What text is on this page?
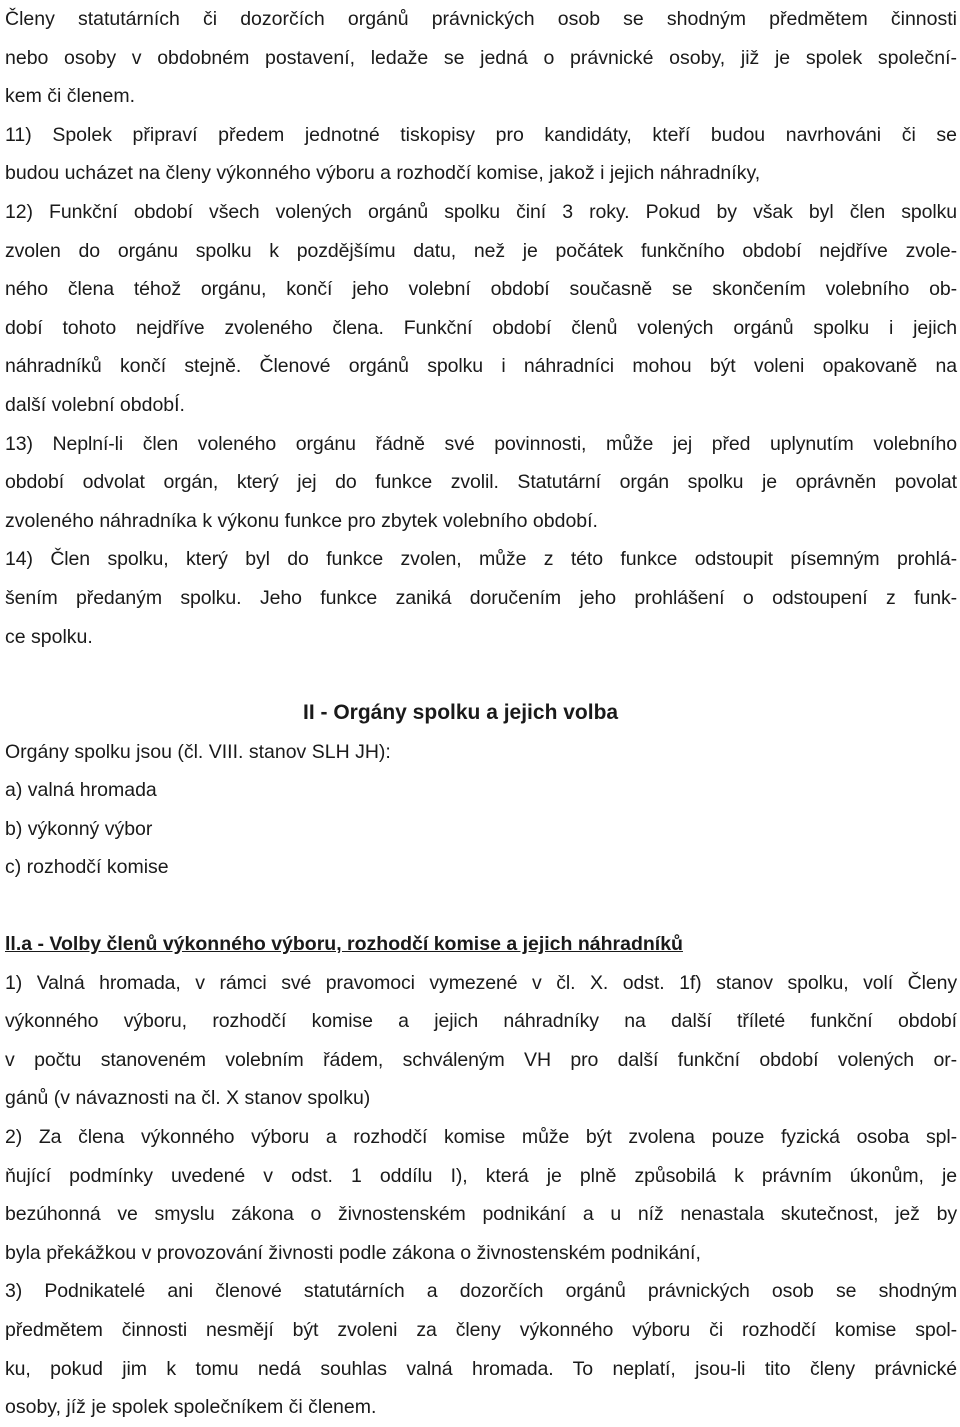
Členy statutárních či dozorčích orgánů právnických osob se shodným předmětem činnosti
nebo osoby v obdobném postavení, ledaže se jedná o právnické osoby, již je spolek společní-
kem či členem.
11) Spolek připraví předem jednotné tiskopisy pro kandidáty, kteří budou navrhováni či se
budou ucházet na členy výkonného výboru a rozhodčí komise, jakož i jejich náhradníky,
12) Funkční období všech volených orgánů spolku činí 3 roky. Pokud by však byl člen spolku
zvolen do orgánu spolku k pozdějšímu datu, než je počátek funkčního období nejdříve zvole-
ného člena téhož orgánu, končí jeho volební období současně se skončením volebního ob-
dobí tohoto nejdříve zvoleného člena. Funkční období členů volených orgánů spolku i jejich
náhradníků končí stejně. Členové orgánů spolku i náhradníci mohou být voleni opakovaně na
další volební obdobÍ.
13) Neplní-li člen voleného orgánu řádně své povinnosti, může jej před uplynutím volebního
období odvolat orgán, který jej do funkce zvolil. Statutární orgán spolku je oprávněn povolat
zvoleného náhradníka k výkonu funkce pro zbytek volebního období.
14) Člen spolku, který byl do funkce zvolen, může z této funkce odstoupit písemným prohlá-
šením předaným spolku. Jeho funkce zaniká doručením jeho prohlášení o odstoupení z funk-
ce spolku.
II - Orgány spolku a jejich volba
Orgány spolku jsou (čl. VIII. stanov SLH JH):
a) valná hromada
b) výkonný výbor
c) rozhodčí komise
ll.a - Volby členů výkonného výboru, rozhodčí komise a jejich náhradníků
1) Valná hromada, v rámci své pravomoci vymezené v čl. X. odst. 1f) stanov spolku, volí Členy
výkonného výboru, rozhodčí komise a jejich náhradníky na další tříleté funkční období
v počtu stanoveném volebním řádem, schváleným VH pro další funkční období volených or-
gánů (v návaznosti na čl. X stanov spolku)
2) Za člena výkonného výboru a rozhodčí komise může být zvolena pouze fyzická osoba spl-
ňující podmínky uvedené v odst. 1 oddílu I), která je plně způsobilá k právním úkonům, je
bezúhonná ve smyslu zákona o živnostenském podnikání a u níž nenastala skutečnost, jež by
byla překážkou v provozování živnosti podle zákona o živnostenském podnikání,
3) Podnikatelé ani členové statutárních a dozorčích orgánů právnických osob se shodným
předmětem činnosti nesmějí být zvoleni za členy výkonného výboru či rozhodčí komise spol-
ku, pokud jim k tomu nedá souhlas valná hromada. To neplatí, jsou-li tito členy právnické
osoby, jíž je spolek společníkem či členem.
